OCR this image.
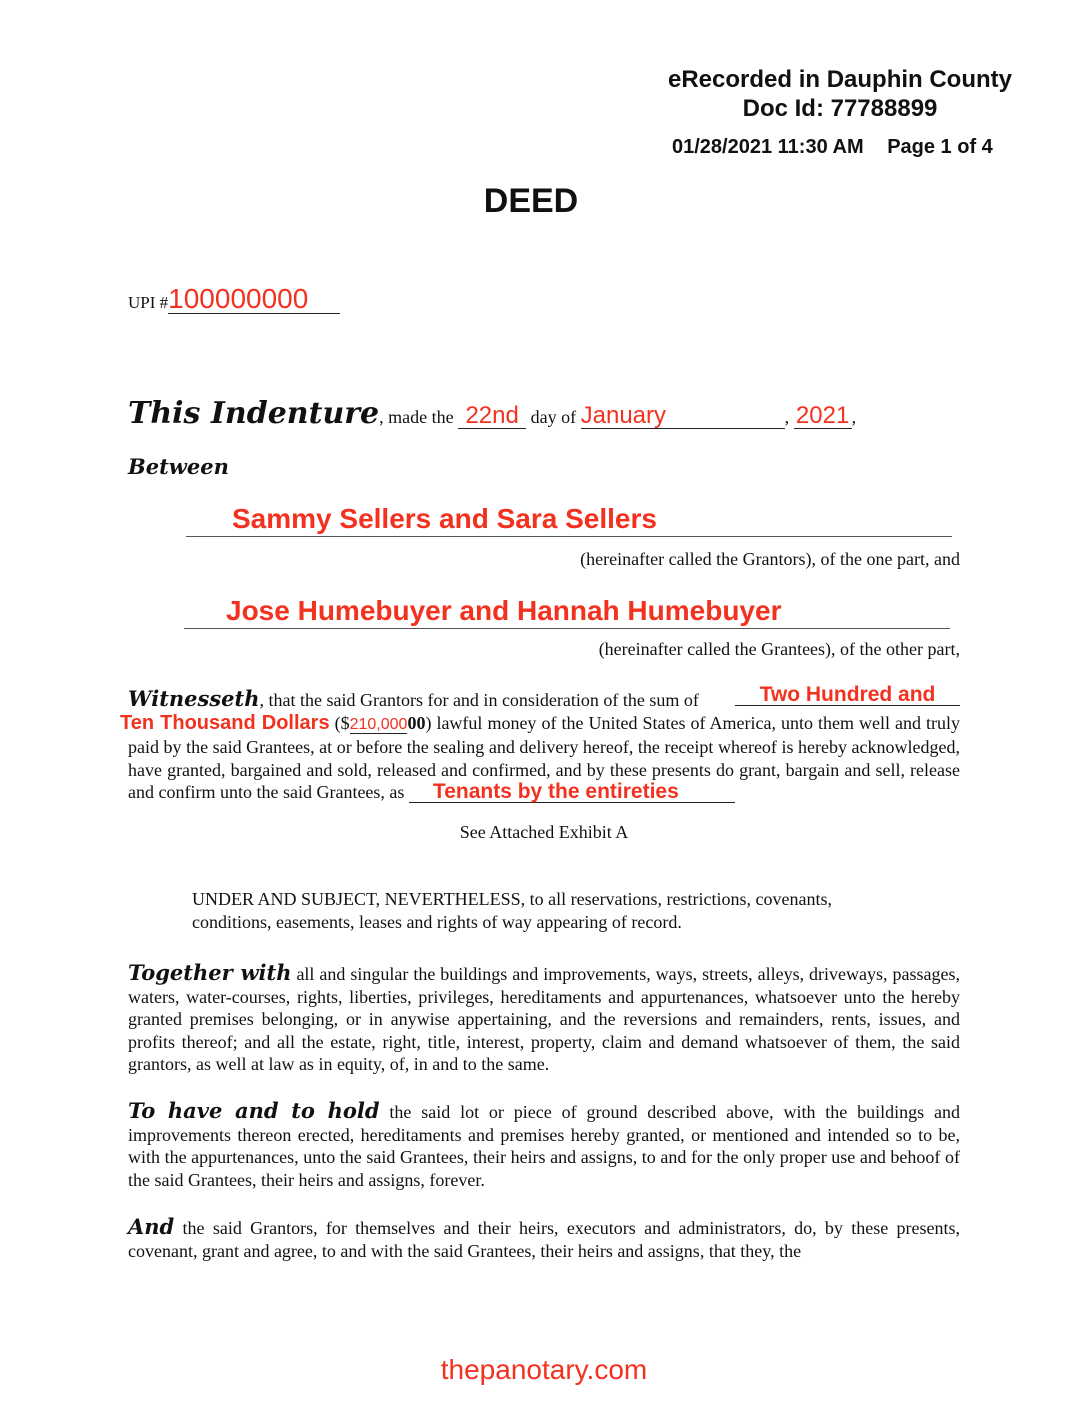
eRecorded in Dauphin County
Doc Id: 77788899
01/28/2021 11:30 AM Page 1 of 4
DEED
UPI #100000000
This Indenture, made the 22nd day of January	, 2021 ,
Between
Sammy Sellers and Sara Sellers
(hereinafter called the Grantors), of the one part, and
Jose Humebuyer and Hannah Humebuyer
(hereinafter called the Grantees), of the other part,
Witnesseth, that the said Grantors for and in consideration of the sum of	Two Hundred and
Ten Thousand Dollars ($210,00000) lawful money of the United States of America, unto them well and truly paid by the said Grantees, at or before the sealing and delivery hereof, the receipt whereof is hereby acknowledged, have granted, bargained and sold, released and confirmed, and by these presents do grant, bargain and sell, release and confirm unto the said Grantees, as Tenants by the entireties
See Attached Exhibit A
UNDER AND SUBJECT, NEVERTHELESS, to all reservations, restrictions, covenants, conditions, easements, leases and rights of way appearing of record.
Together with all and singular the buildings and improvements, ways, streets, alleys, driveways, passages, waters, water-courses, rights, liberties, privileges, hereditaments and appurtenances, whatsoever unto the hereby granted premises belonging, or in anywise appertaining, and the reversions and remainders, rents, issues, and profits thereof; and all the estate, right, title, interest, property, claim and demand whatsoever of them, the said grantors, as well at law as in equity, of, in and to the same.
To have and to hold the said lot or piece of ground described above, with the buildings and improvements thereon erected, hereditaments and premises hereby granted, or mentioned and intended so to be, with the appurtenances, unto the said Grantees, their heirs and assigns, to and for the only proper use and behoof of the said Grantees, their heirs and assigns, forever.
And the said Grantors, for themselves and their heirs, executors and administrators, do, by these presents, covenant, grant and agree, to and with the said Grantees, their heirs and assigns, that they, the
thepanotary.com
